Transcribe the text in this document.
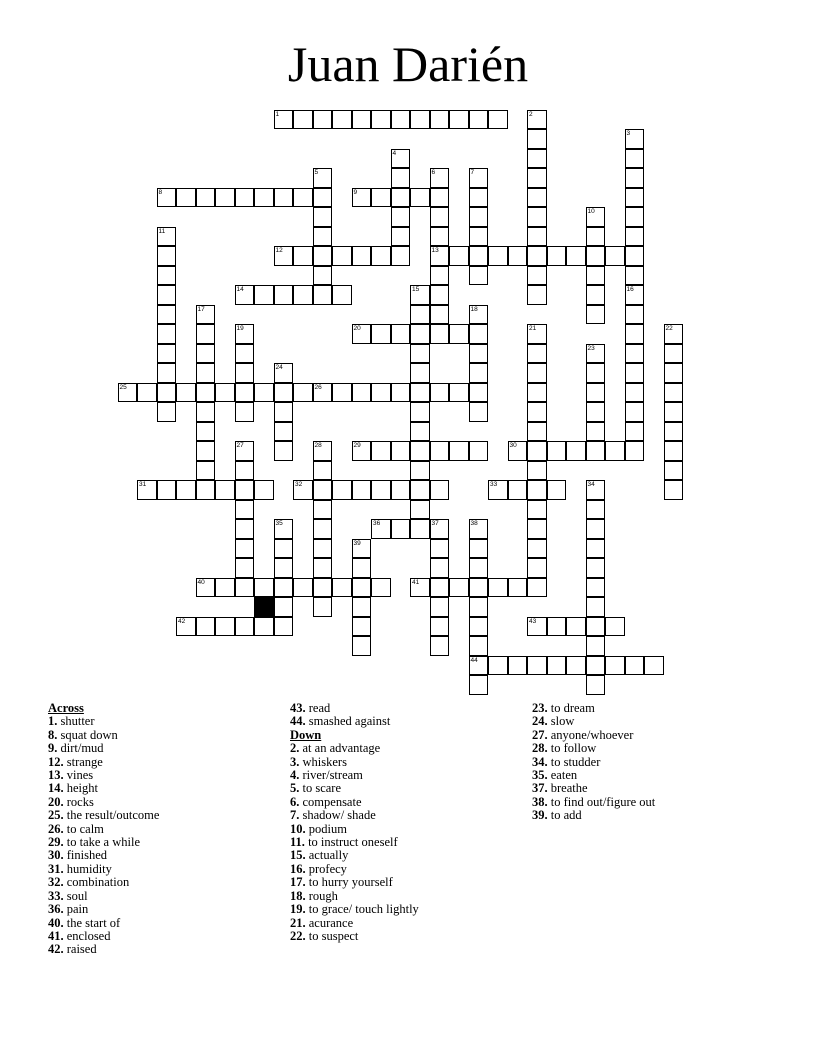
Juan Darién
1
8	9
12	13
14
20
25	26
29	30
31	32	33
36
40	41
42	43
44
2
3
4
5	6	7
10
11
15	16
17	18
19	21	22
23
24
27	28
34
35	37	38
39
Across
1. shutter
8. squat down
9. dirt/mud
12. strange
13. vines
14. height
20. rocks
25. the result/outcome
26. to calm
29. to take a while
30. finished
31. humidity
32. combination
33. soul
36. pain
40. the start of
41. enclosed
42. raised
43. read
44. smashed against
Down
2. at an advantage
3. whiskers
4. river/stream
5. to scare
6. compensate
7. shadow/ shade
10. podium
11. to instruct oneself
15. actually
16. profecy
17. to hurry yourself
18. rough
19. to grace/ touch lightly
21. acurance
22. to suspect
23. to dream
24. slow
27. anyone/whoever
28. to follow
34. to studder
35. eaten
37. breathe
38. to find out/figure out
39. to add
